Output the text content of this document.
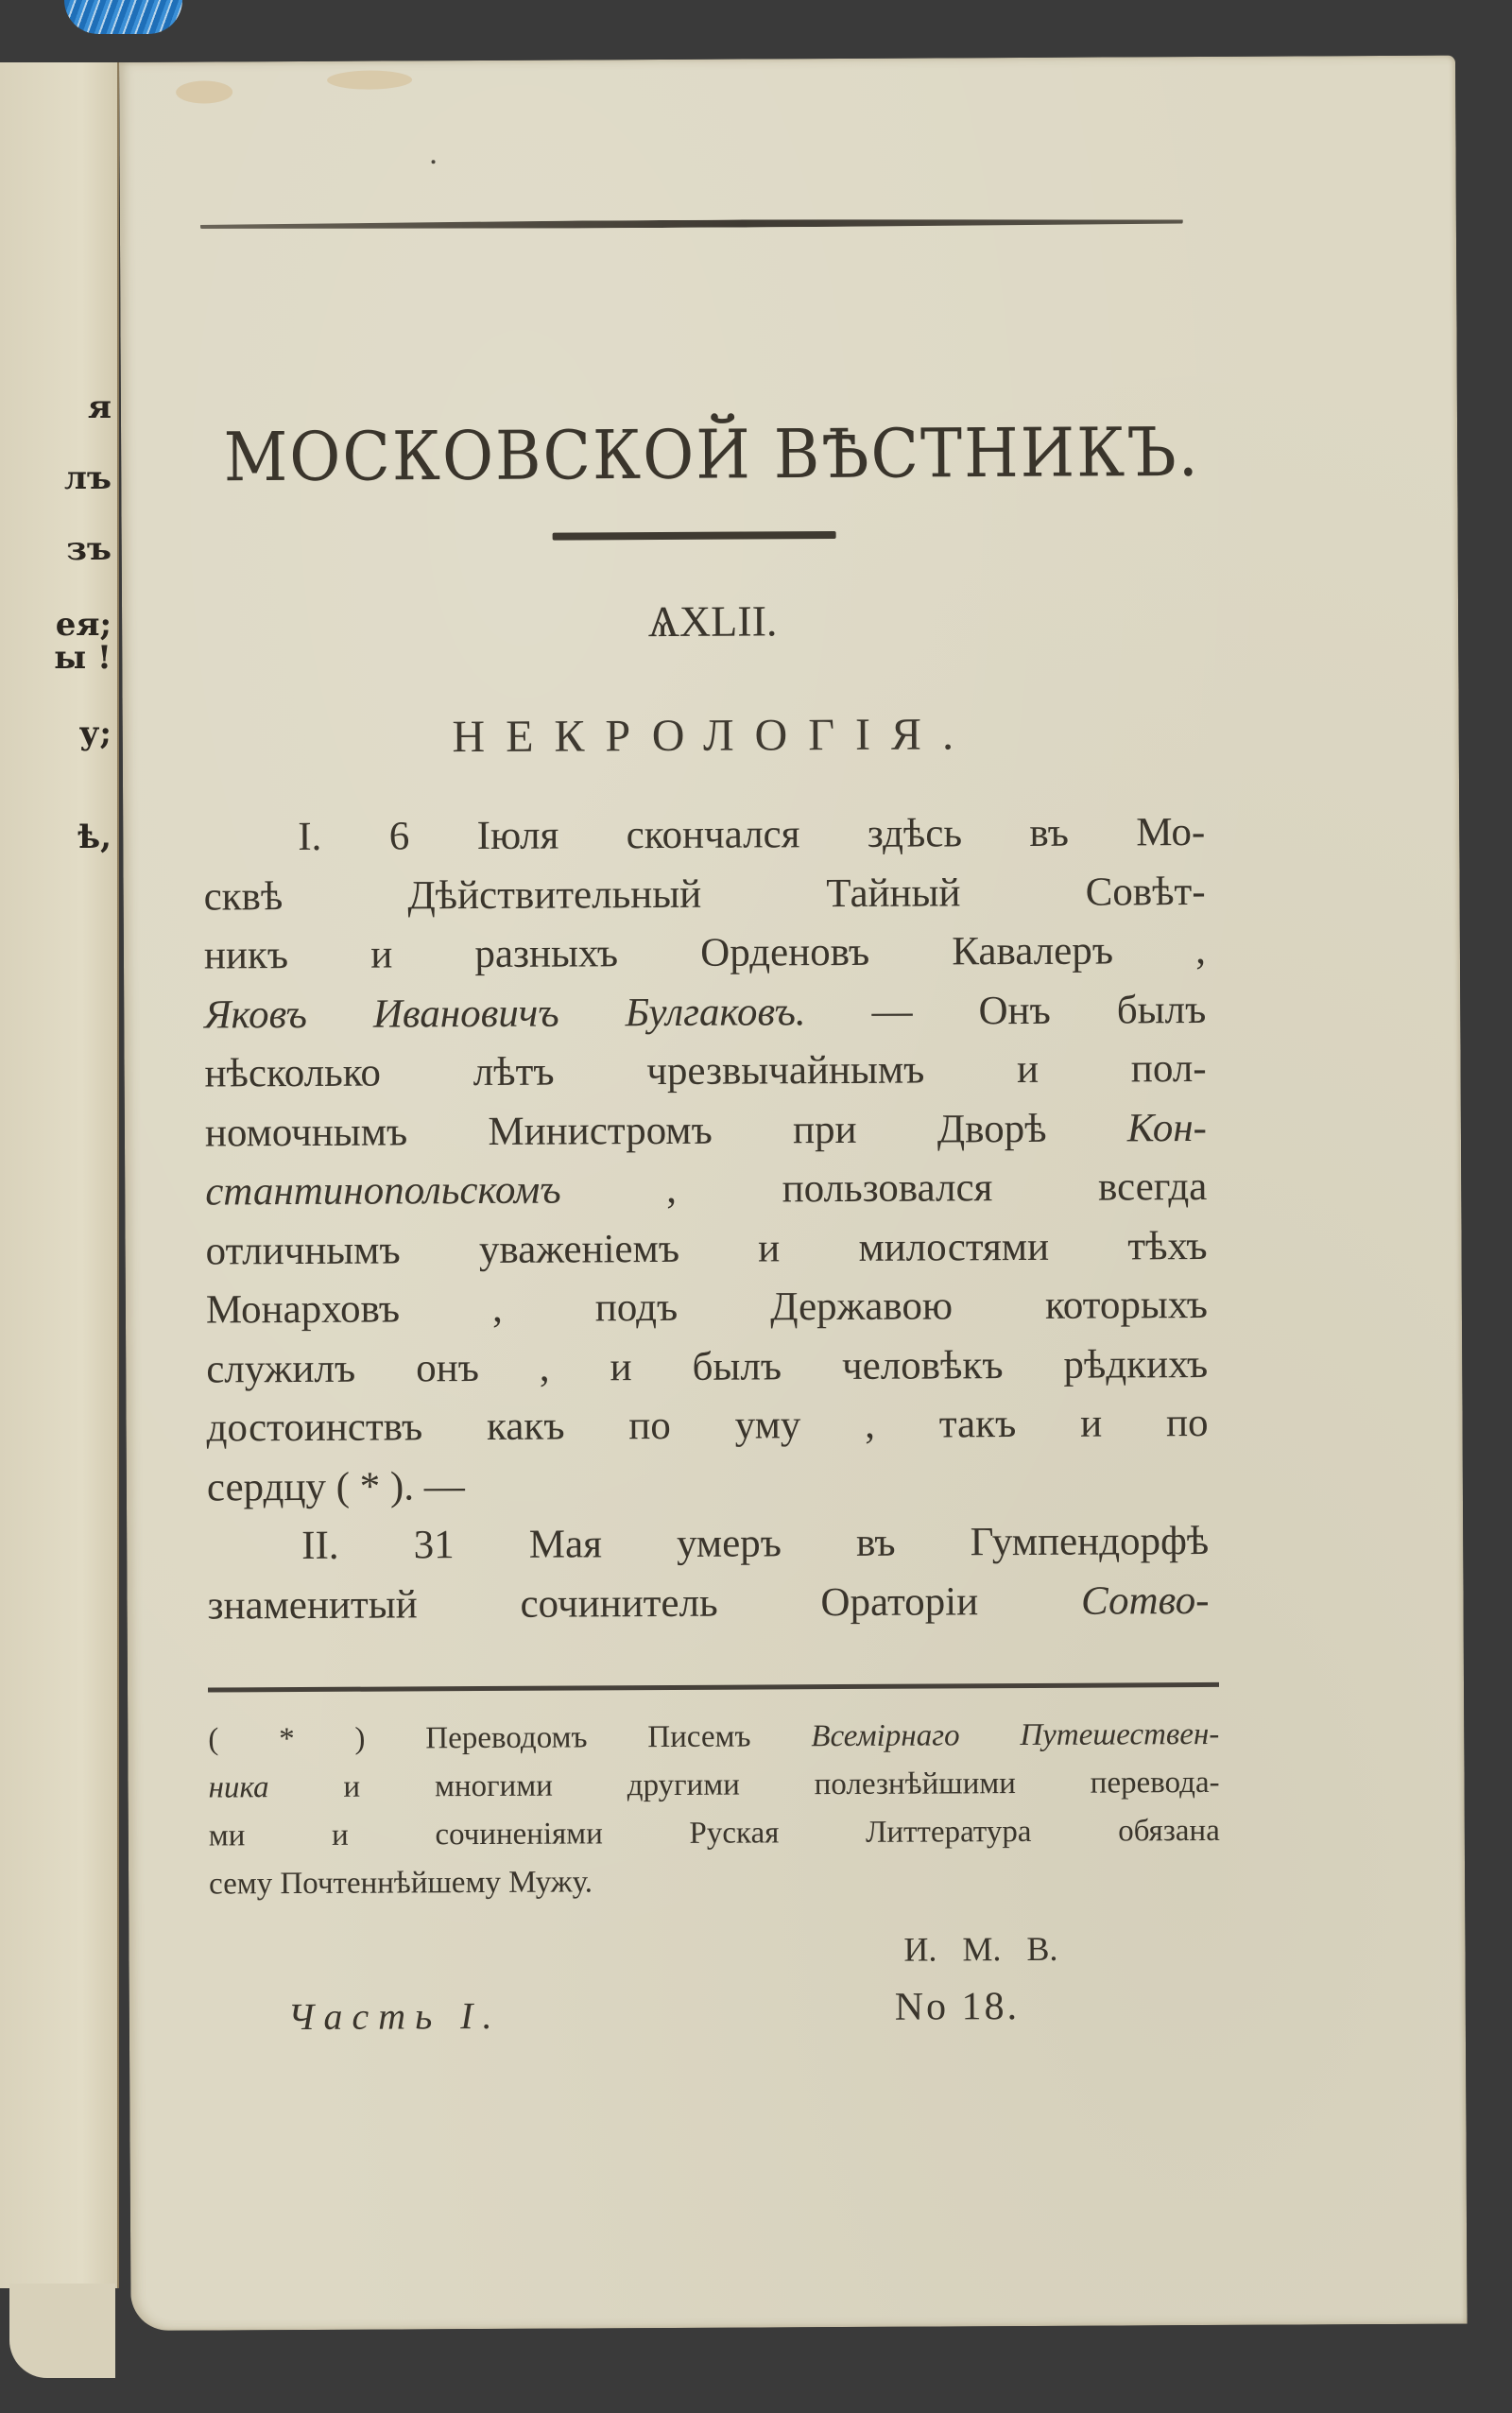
я
лъ
зъ
ея;
ы !
у;
ѣ,
МОСКОВСКОЙ ВѢСТНИКЪ.
ѦXLII.
НЕКРОЛОГІЯ.
I. 6 Іюля скончался здѣсь въ Мо-
сквѣ Дѣйствительный Тайный Совѣт-
никъ и разныхъ Орденовъ Кавалеръ ,
Яковъ Ивановичъ Булгаковъ. — Онъ былъ
нѣсколько лѣтъ чрезвычайнымъ и пол-
номочнымъ Министромъ при Дворѣ Кон-
стантинопольскомъ , пользовался всегда
отличнымъ уваженіемъ и милостями тѣхъ
Монарховъ , подъ Державою которыхъ
служилъ онъ , и былъ человѣкъ рѣдкихъ
достоинствъ какъ по уму , такъ и по
сердцу ( * ). —
II. 31 Мая умеръ въ Гумпендорфѣ
знаменитый сочинитель Ораторіи Сотво-
( * ) Переводомъ Писемъ Всемірнаго Путешествен-
ника и многими другими полезнѣйшими перевода-
ми и сочиненіями Руская Литтература обязана
сему Почтеннѣйшему Мужу.
И. М. В.
Часть I.	No 18.
